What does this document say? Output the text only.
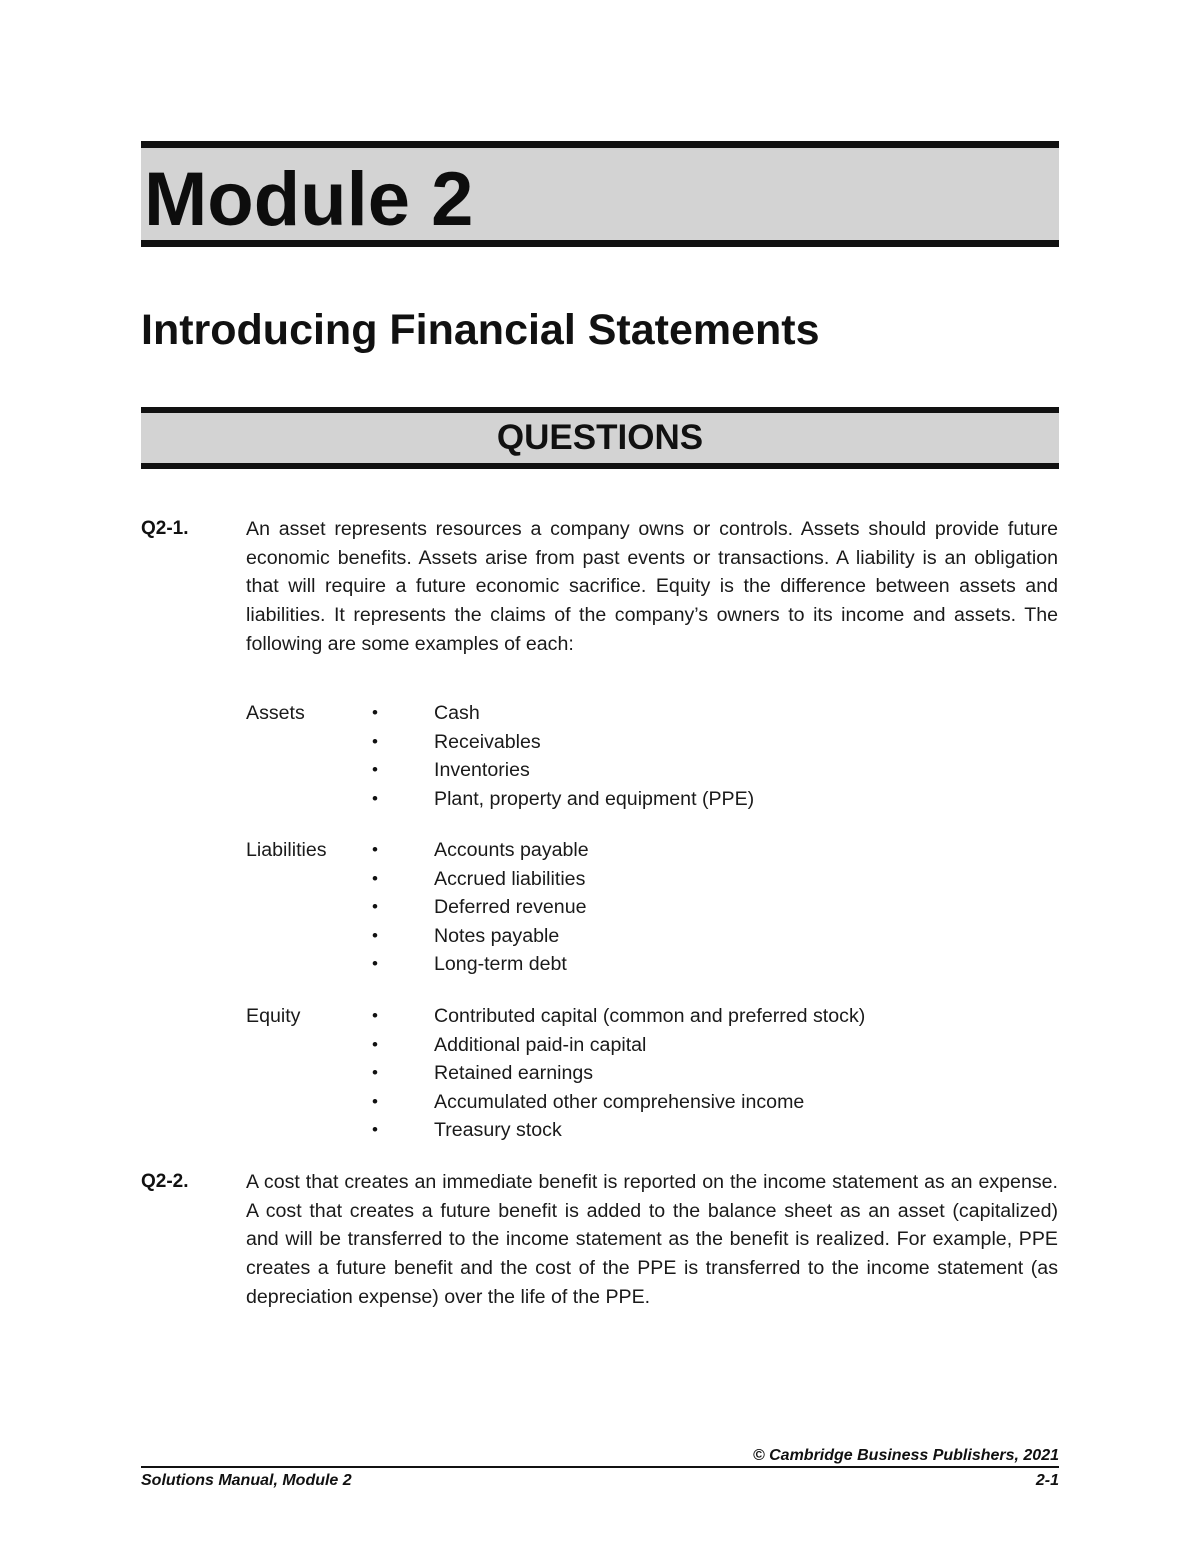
Module 2
Introducing Financial Statements
QUESTIONS
Q2-1.	An asset represents resources a company owns or controls. Assets should provide future economic benefits. Assets arise from past events or transactions. A liability is an obligation that will require a future economic sacrifice. Equity is the difference between assets and liabilities. It represents the claims of the company’s owners to its income and assets. The following are some examples of each:

Assets	•	Cash
•	Receivables
•	Inventories
•	Plant, property and equipment (PPE)
Liabilities	•	Accounts payable
•	Accrued liabilities
•	Deferred revenue
•	Notes payable
•	Long-term debt
Equity	•	Contributed capital (common and preferred stock)
•	Additional paid-in capital
•	Retained earnings
•	Accumulated other comprehensive income
•	Treasury stock
Q2-2.	A cost that creates an immediate benefit is reported on the income statement as an expense. A cost that creates a future benefit is added to the balance sheet as an asset (capitalized) and will be transferred to the income statement as the benefit is realized. For example, PPE creates a future benefit and the cost of the PPE is transferred to the income statement (as depreciation expense) over the life of the PPE.

© Cambridge Business Publishers, 2021
Solutions Manual, Module 2	2-1
